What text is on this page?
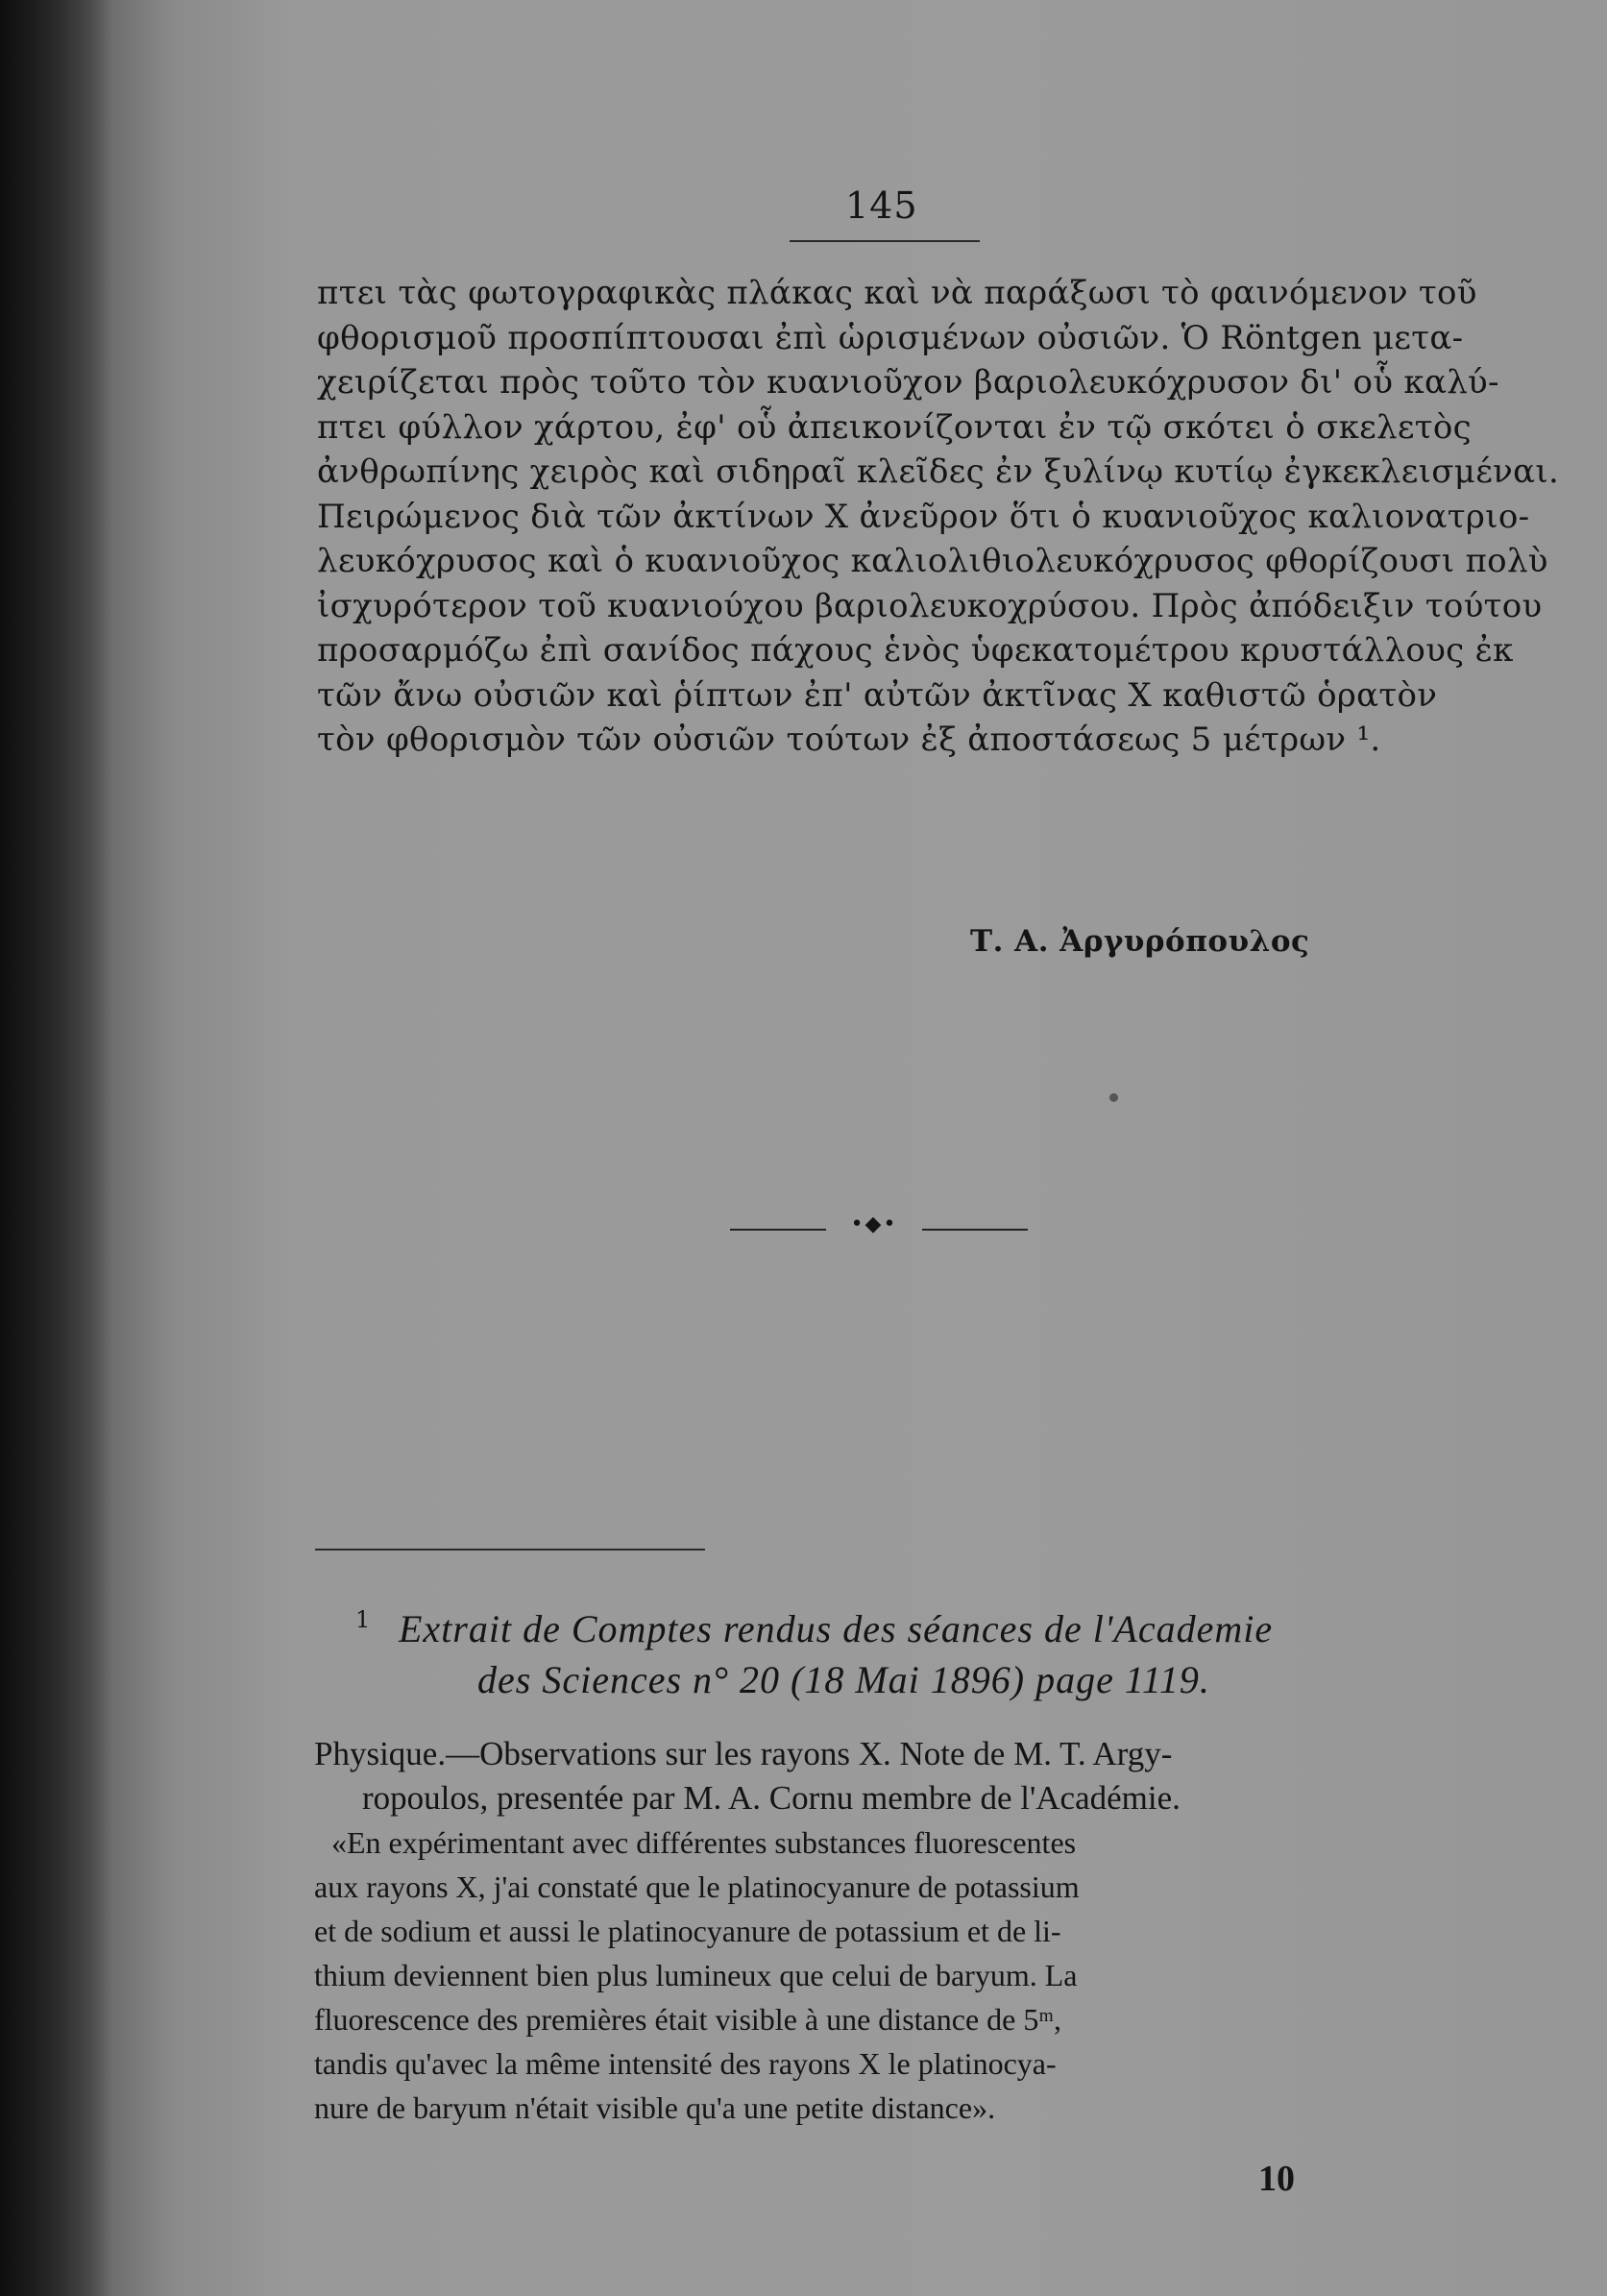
145
πτει τὰς φωτογραφικὰς πλάκας καὶ νὰ παράξωσι τὸ φαινόμενον τοῦ
φθορισμοῦ προσπίπτουσαι ἐπὶ ὡρισμένων οὐσιῶν. Ὁ Röntgen μετα-
χειρίζεται πρὸς τοῦτο τὸν κυανιοῦχον βαριολευκόχρυσον δι' οὗ καλύ-
πτει φύλλον χάρτου, ἐφ' οὗ ἀπεικονίζονται ἐν τῷ σκότει ὁ σκελετὸς
ἀνθρωπίνης χειρὸς καὶ σιδηραῖ κλεῖδες ἐν ξυλίνῳ κυτίῳ ἐγκεκλεισμέναι.
Πειρώμενος διὰ τῶν ἀκτίνων Χ ἀνεῦρον ὅτι ὁ κυανιοῦχος καλιονατριο-
λευκόχρυσος καὶ ὁ κυανιοῦχος καλιολιθιολευκόχρυσος φθορίζουσι πολὺ
ἰσχυρότερον τοῦ κυανιούχου βαριολευκοχρύσου. Πρὸς ἀπόδειξιν τούτου
προσαρμόζω ἐπὶ σανίδος πάχους ἑνὸς ὑφεκατομέτρου κρυστάλλους ἐκ
τῶν ἄνω οὐσιῶν καὶ ῥίπτων ἐπ' αὐτῶν ἀκτῖνας Χ καθιστῶ ὁρατὸν
τὸν φθορισμὸν τῶν οὐσιῶν τούτων ἐξ ἀποστάσεως 5 μέτρων ¹.
Τ. Α. Ἀργυρόπουλος
•◆•
1 Extrait de Comptes rendus des séances de l'Academie
des Sciences n° 20 (18 Mai 1896) page 1119.
Physique.—Observations sur les rayons X. Note de M. T. Argy-
ropoulos, presentée par M. A. Cornu membre de l'Académie.
«En expérimentant avec différentes substances fluorescentes
aux rayons X, j'ai constaté que le platinocyanure de potassium
et de sodium et aussi le platinocyanure de potassium et de li-
thium deviennent bien plus lumineux que celui de baryum. La
fluorescence des premières était visible à une distance de 5ᵐ,
tandis qu'avec la même intensité des rayons X le platinocya-
nure de baryum n'était visible qu'a une petite distance».
10
